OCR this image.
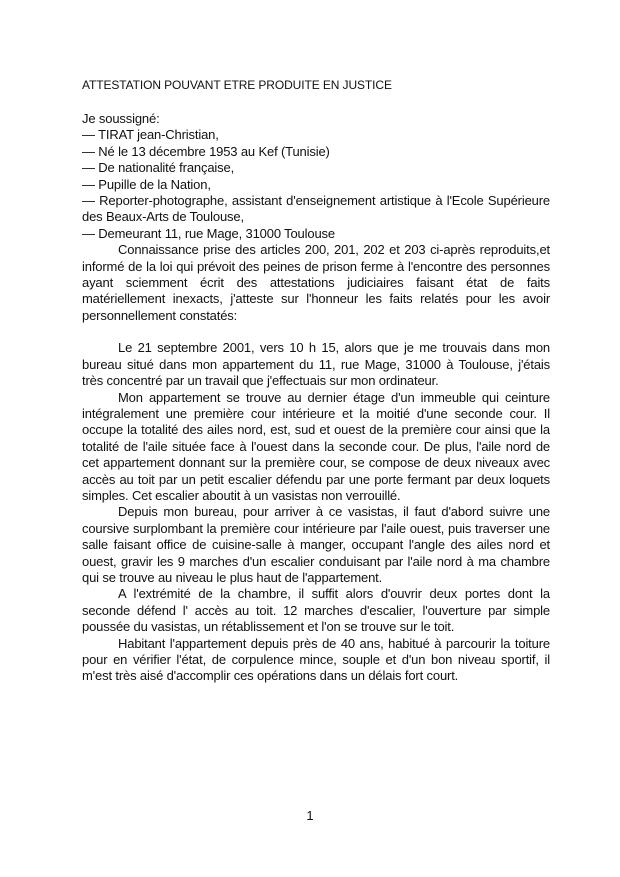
ATTESTATION POUVANT ETRE PRODUITE EN JUSTICE

Je soussigné:

— TIRAT jean-Christian,

— Né le 13 décembre 1953 au Kef (Tunisie)

— De nationalité française,

— Pupille de la Nation,

— Reporter-photographe, assistant d'enseignement artistique à l'Ecole Supérieure des Beaux-Arts de Toulouse,

— Demeurant 11, rue Mage, 31000 Toulouse

Connaissance prise des articles 200, 201, 202 et 203 ci-après reproduits,et informé de la loi qui prévoit des peines de prison ferme à l'encontre des personnes ayant sciemment écrit des attestations judiciaires faisant état de faits matériellement inexacts, j'atteste sur l'honneur les faits relatés pour les avoir personnellement constatés:

Le 21 septembre 2001, vers 10 h 15, alors que je me trouvais dans mon bureau situé dans mon appartement du 11, rue Mage, 31000 à Toulouse, j'étais très concentré par un travail que j'effectuais sur mon ordinateur.

Mon appartement se trouve au dernier étage d'un immeuble qui ceinture intégralement une première cour intérieure et la moitié d'une seconde cour. Il occupe la totalité des ailes nord, est, sud et ouest de la première cour ainsi que la totalité de l'aile située face à l'ouest dans la seconde cour. De plus, l'aile nord de cet appartement donnant sur la première cour, se compose de deux niveaux avec accès au toit par un petit escalier défendu par une porte fermant par deux loquets simples. Cet escalier aboutit à un vasistas non verrouillé.

Depuis mon bureau, pour arriver à ce vasistas, il faut d'abord suivre une coursive surplombant la première cour intérieure par l'aile ouest, puis traverser une salle faisant office de cuisine-salle à manger, occupant l'angle des ailes nord et ouest, gravir les 9 marches d'un escalier conduisant par l'aile nord à ma chambre qui se trouve au niveau le plus haut de l'appartement.

A l'extrémité de la chambre, il suffit alors d'ouvrir deux portes dont la seconde défend l' accès au toit. 12 marches d'escalier, l'ouverture par simple poussée du vasistas, un rétablissement et l'on se trouve sur le toit.

Habitant l'appartement depuis près de 40 ans, habitué à parcourir la toiture pour en vérifier l'état, de corpulence mince, souple et d'un bon niveau sportif, il m'est très aisé d'accomplir ces opérations dans un délais fort court.

1
